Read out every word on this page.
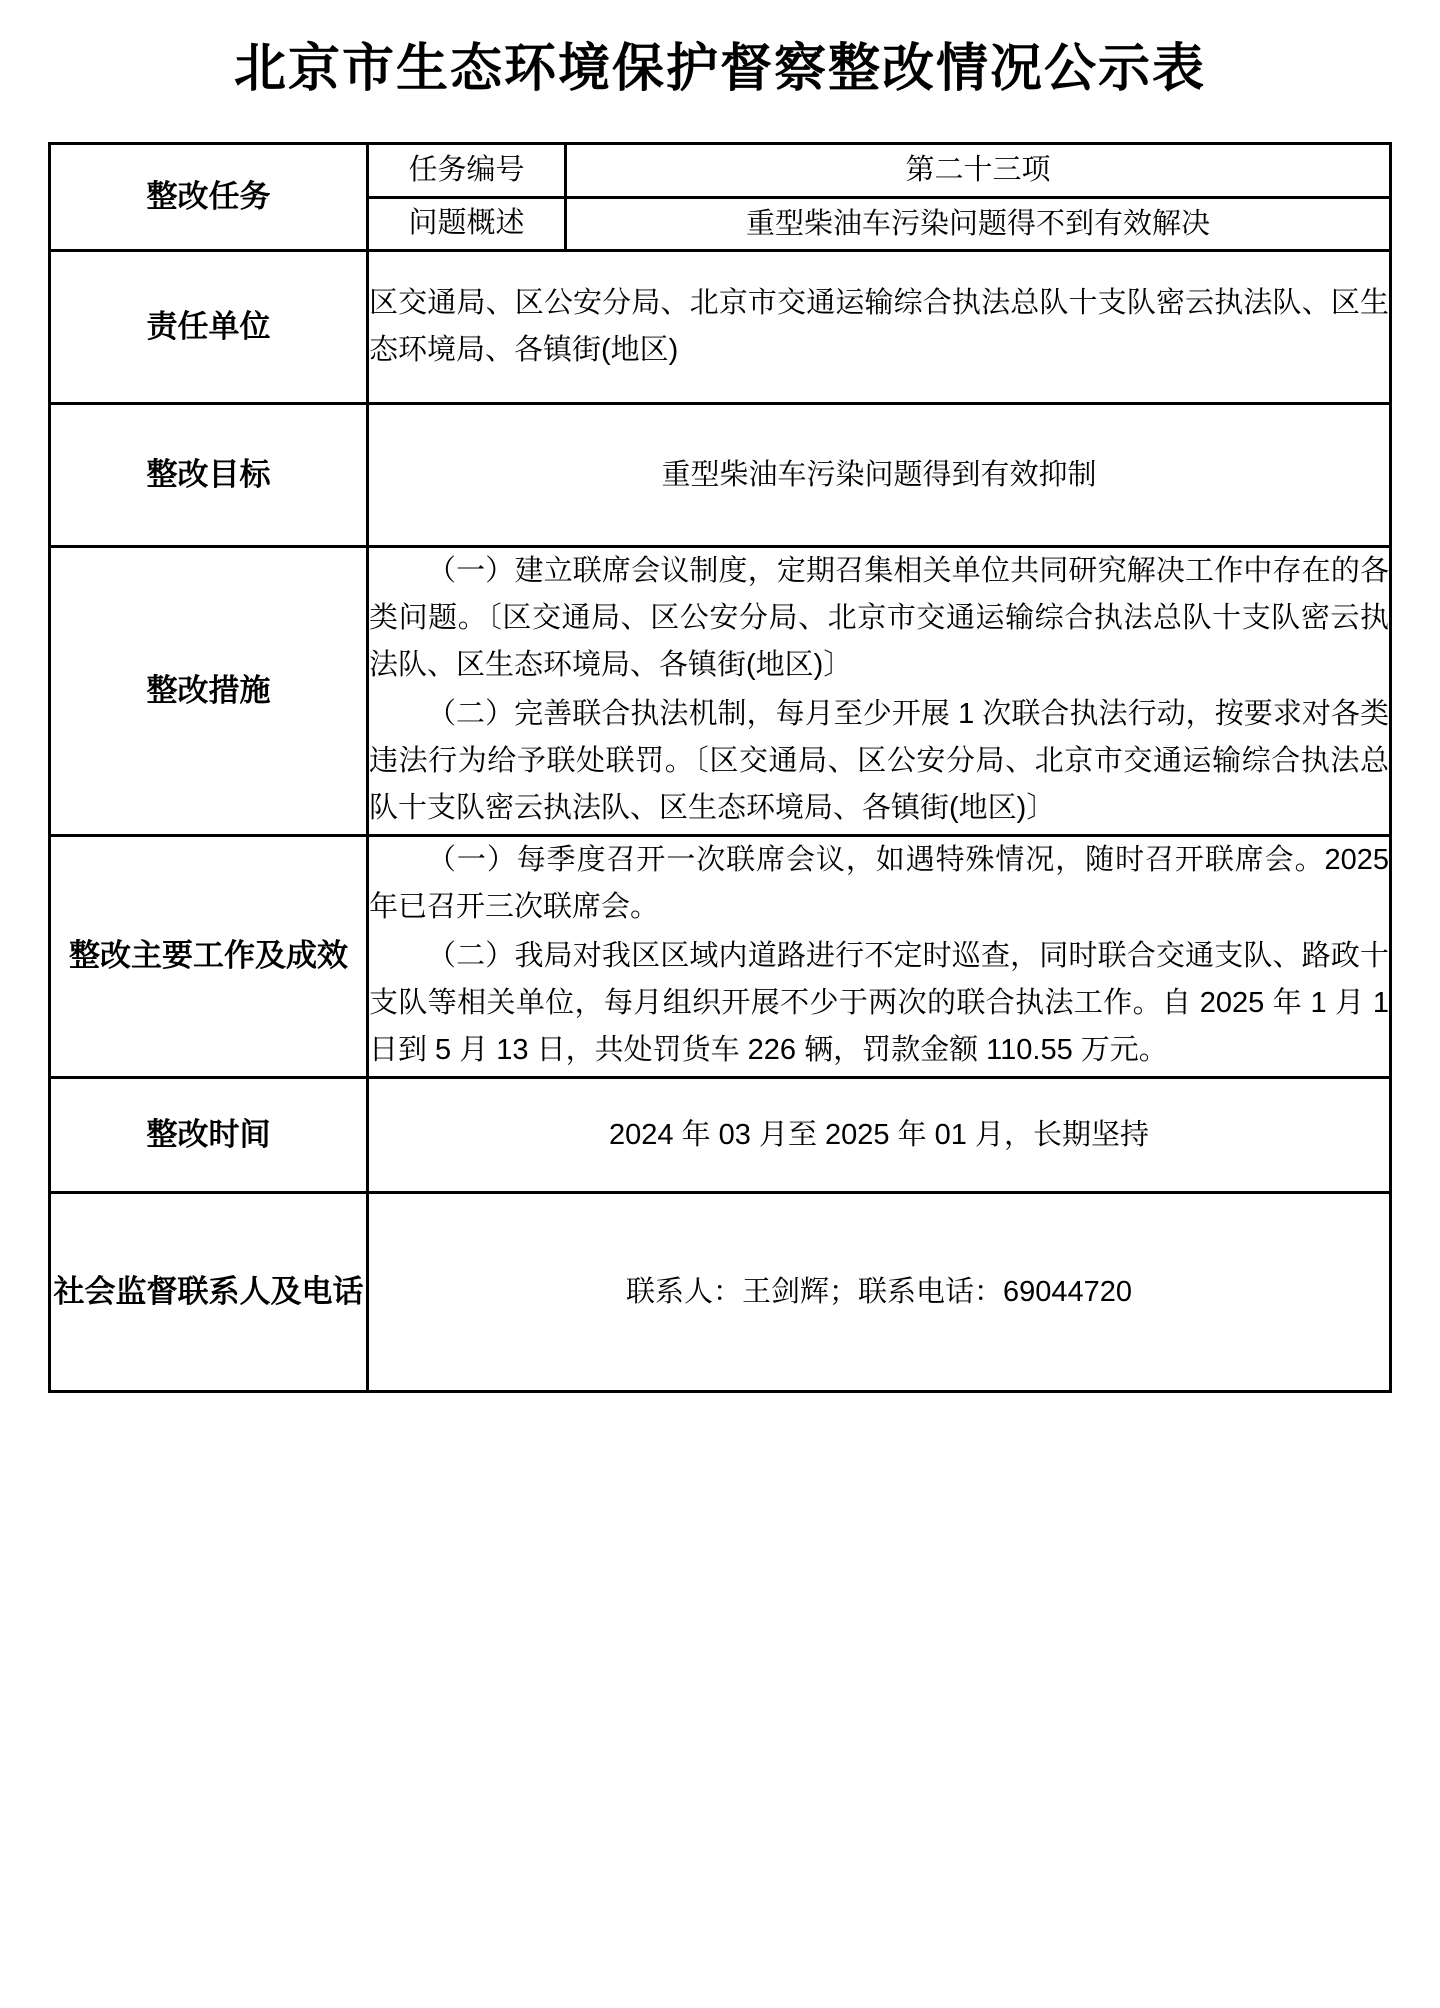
北京市生态环境保护督察整改情况公示表
整改任务	任务编号	第二十三项
	问题概述	重型柴油车污染问题得不到有效解决
责任单位	区交通局、区公安分局、北京市交通运输综合执法总队十支队密云执法队、区生态环境局、各镇街(地区)	
整改目标	重型柴油车污染问题得到有效抑制	
整改措施	（一）建立联席会议制度，定期召集相关单位共同研究解决工作中存在的各类问题。〔区交通局、区公安分局、北京市交通运输综合执法总队十支队密云执法队、区生态环境局、各镇街(地区)〕

（二）完善联合执法机制，每月至少开展 1 次联合执法行动，按要求对各类违法行为给予联处联罚。〔区交通局、区公安分局、北京市交通运输综合执法总队十支队密云执法队、区生态环境局、各镇街(地区)〕	

整改主要工作及成效	（一）每季度召开一次联席会议，如遇特殊情况，随时召开联席会。2025 年已召开三次联席会。

（二）我局对我区区域内道路进行不定时巡查，同时联合交通支队、路政十支队等相关单位，每月组织开展不少于两次的联合执法工作。自 2025 年 1 月 1 日到 5 月 13 日，共处罚货车 226 辆，罚款金额 110.55 万元。	

整改时间	2024 年 03 月至 2025 年 01 月，长期坚持	
社会监督联系人及电话	联系人：王剑辉；联系电话：69044720	
